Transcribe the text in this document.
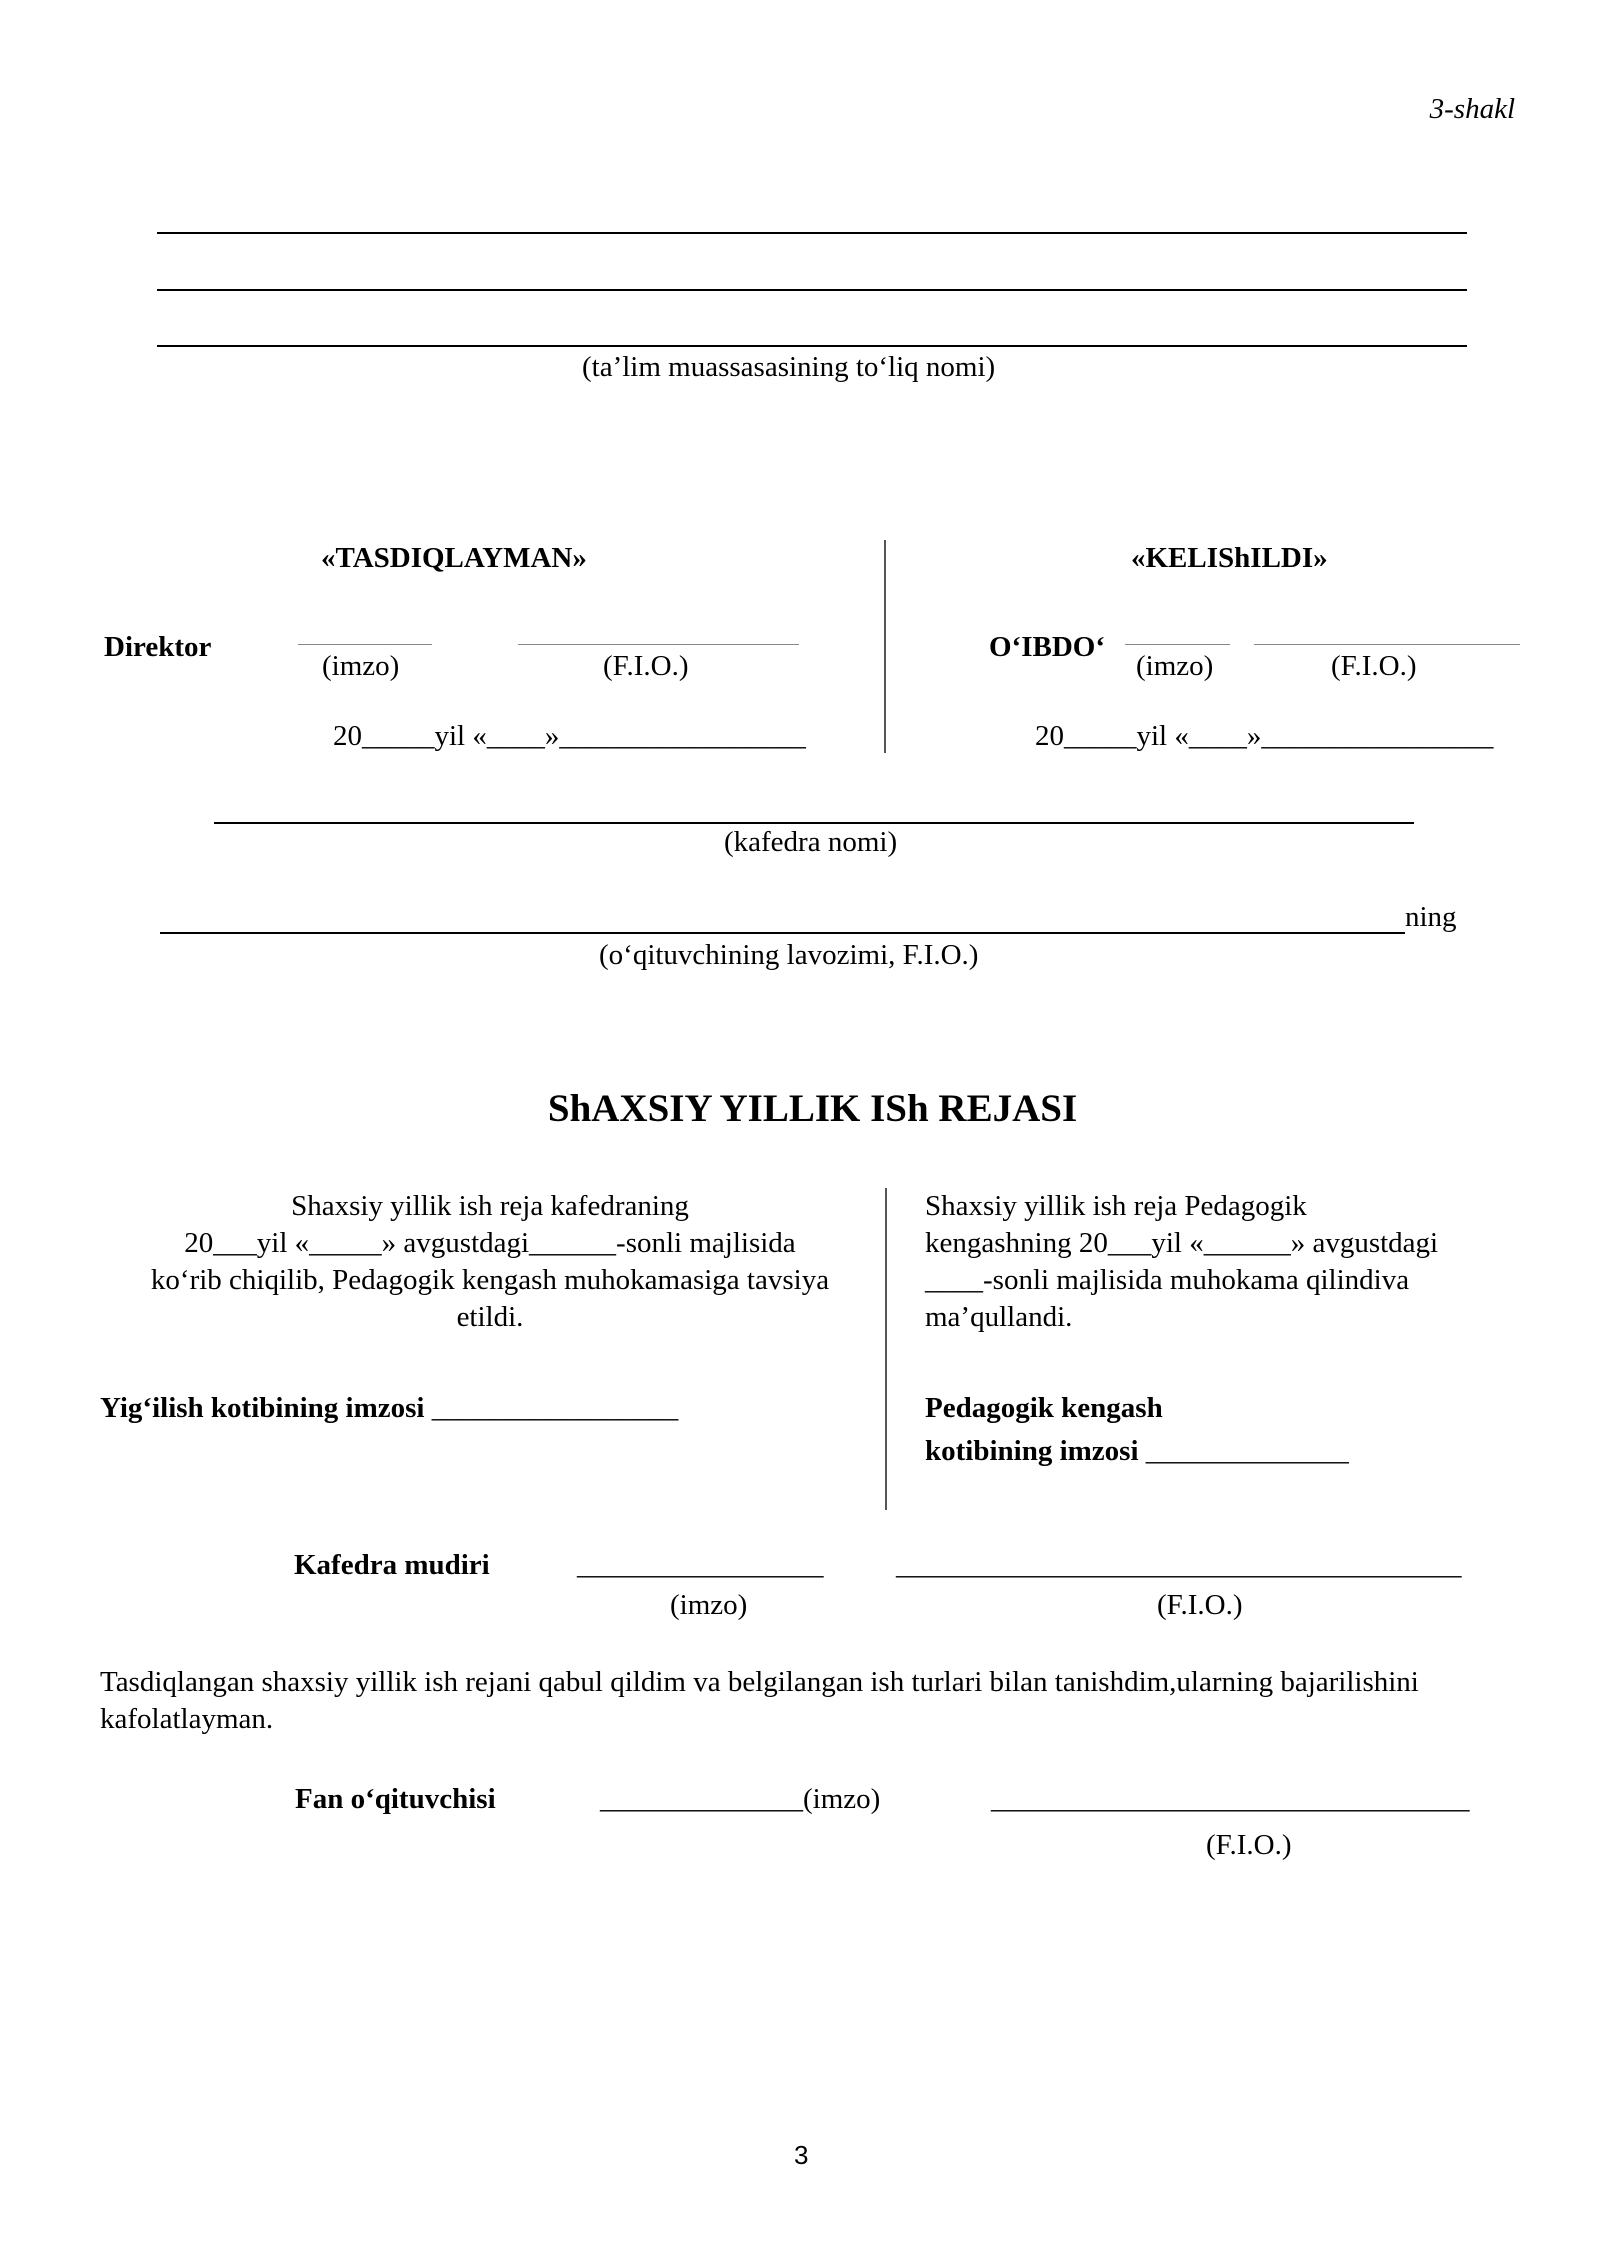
3-shakl
(ta’lim muassasasining to‘liq nomi)
«TASDIQLAYMAN»	«KELIShILDI»
Direktor
(imzo)	(F.I.O.)
20_____yil «____»_________________
O‘IBDO‘
(imzo)	(F.I.O.)
20_____yil «____»________________
(kafedra nomi)
ning
(o‘qituvchining lavozimi, F.I.O.)
ShAXSIY YILLIK ISh REJASI
Shaxsiy yillik ish reja kafedraning
20___yil «_____» avgustdagi______-sonli majlisida
ko‘rib chiqilib, Pedagogik kengash muhokamasiga tavsiya
etildi.
Yig‘ilish kotibining imzosi _________________
Shaxsiy yillik ish reja Pedagogik
kengashning 20___yil «______» avgustdagi
____-sonli majlisida muhokama qilindiva
ma’qullandi.
Pedagogik kengash
kotibining imzosi ______________
Kafedra mudiri	_________________	_______________________________________
(imzo)	(F.I.O.)
Tasdiqlangan shaxsiy yillik ish rejani qabul qildim va belgilangan ish turlari bilan tanishdim,ularning bajarilishini kafolatlayman.
Fan o‘qituvchisi	______________(imzo)	_________________________________
(F.I.O.)
3
